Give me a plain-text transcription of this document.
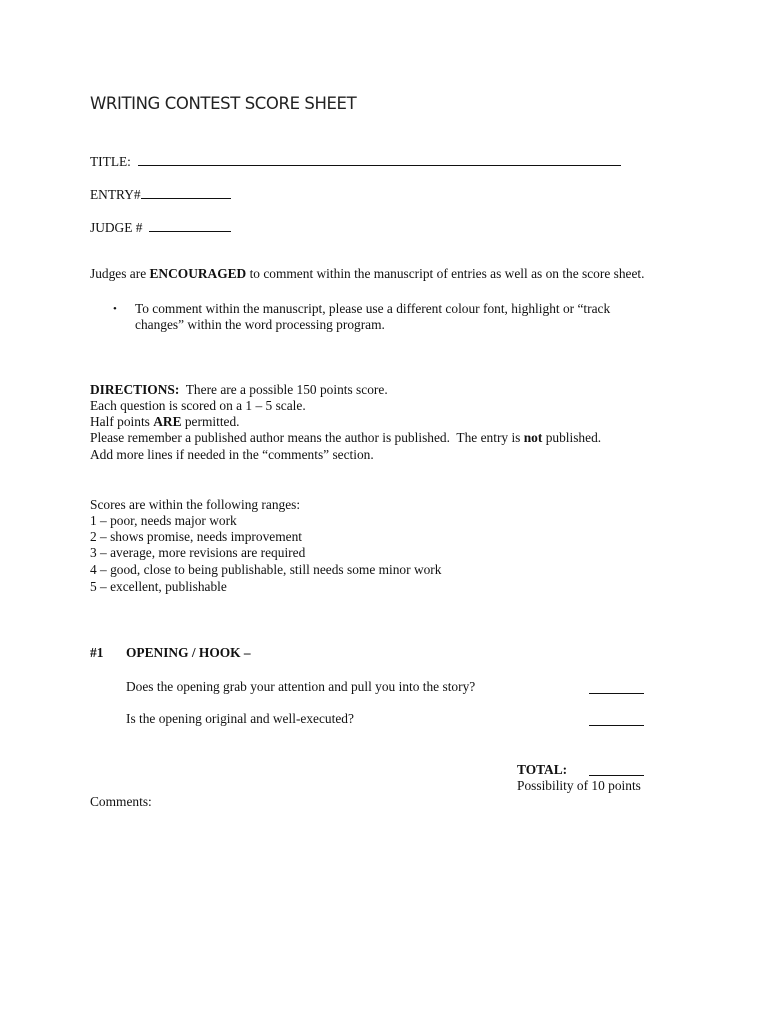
WRITING CONTEST SCORE SHEET
TITLE:
ENTRY#
JUDGE #
Judges are ENCOURAGED to comment within the manuscript of entries as well as on the score sheet.
• To comment within the manuscript, please use a different colour font, highlight or “track
changes” within the word processing program.
DIRECTIONS:  There are a possible 150 points score.
Each question is scored on a 1 – 5 scale.
Half points ARE permitted.
Please remember a published author means the author is published.  The entry is not published.
Add more lines if needed in the “comments” section.
Scores are within the following ranges:
1 – poor, needs major work
2 – shows promise, needs improvement
3 – average, more revisions are required
4 – good, close to being publishable, still needs some minor work
5 – excellent, publishable
#1 OPENING / HOOK –
Does the opening grab your attention and pull you into the story?
Is the opening original and well-executed?
TOTAL:
Possibility of 10 points
Comments:
